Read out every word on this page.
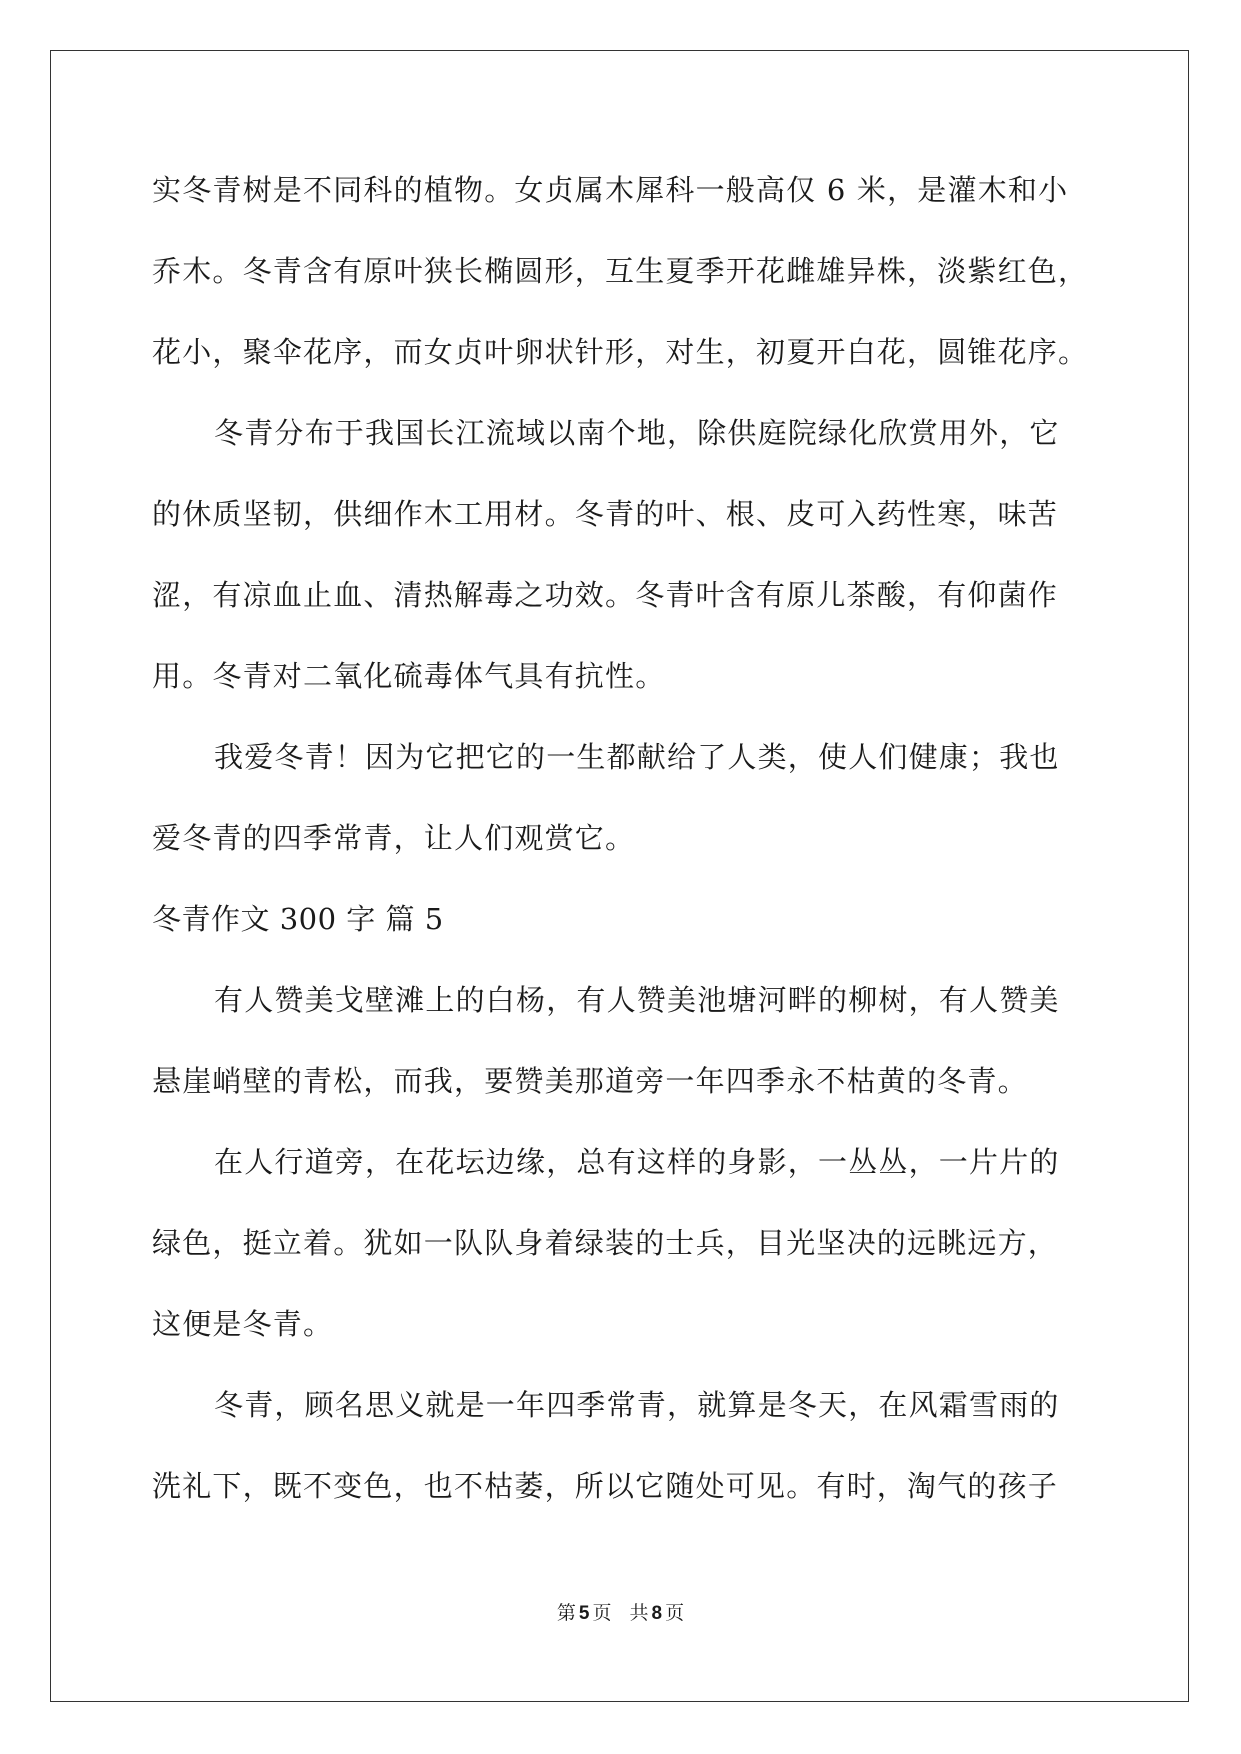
实冬青树是不同科的植物。女贞属木犀科一般高仅 6 米，是灌木和小
乔木。冬青含有原叶狭长椭圆形，互生夏季开花雌雄异株，淡紫红色，
花小，聚伞花序，而女贞叶卵状针形，对生，初夏开白花，圆锥花序。
冬青分布于我国长江流域以南个地，除供庭院绿化欣赏用外，它
的休质坚韧，供细作木工用材。冬青的叶、根、皮可入药性寒，味苦
涩，有凉血止血、清热解毒之功效。冬青叶含有原儿茶酸，有仰菌作
用。冬青对二氧化硫毒体气具有抗性。
我爱冬青！因为它把它的一生都献给了人类，使人们健康；我也
爱冬青的四季常青，让人们观赏它。
冬青作文 300 字 篇 5
有人赞美戈壁滩上的白杨，有人赞美池塘河畔的柳树，有人赞美
悬崖峭壁的青松，而我，要赞美那道旁一年四季永不枯黄的冬青。
在人行道旁，在花坛边缘，总有这样的身影，一丛丛，一片片的
绿色，挺立着。犹如一队队身着绿装的士兵，目光坚决的远眺远方，
这便是冬青。
冬青，顾名思义就是一年四季常青，就算是冬天，在风霜雪雨的
洗礼下，既不变色，也不枯萎，所以它随处可见。有时，淘气的孩子
第 5 页 共 8 页
